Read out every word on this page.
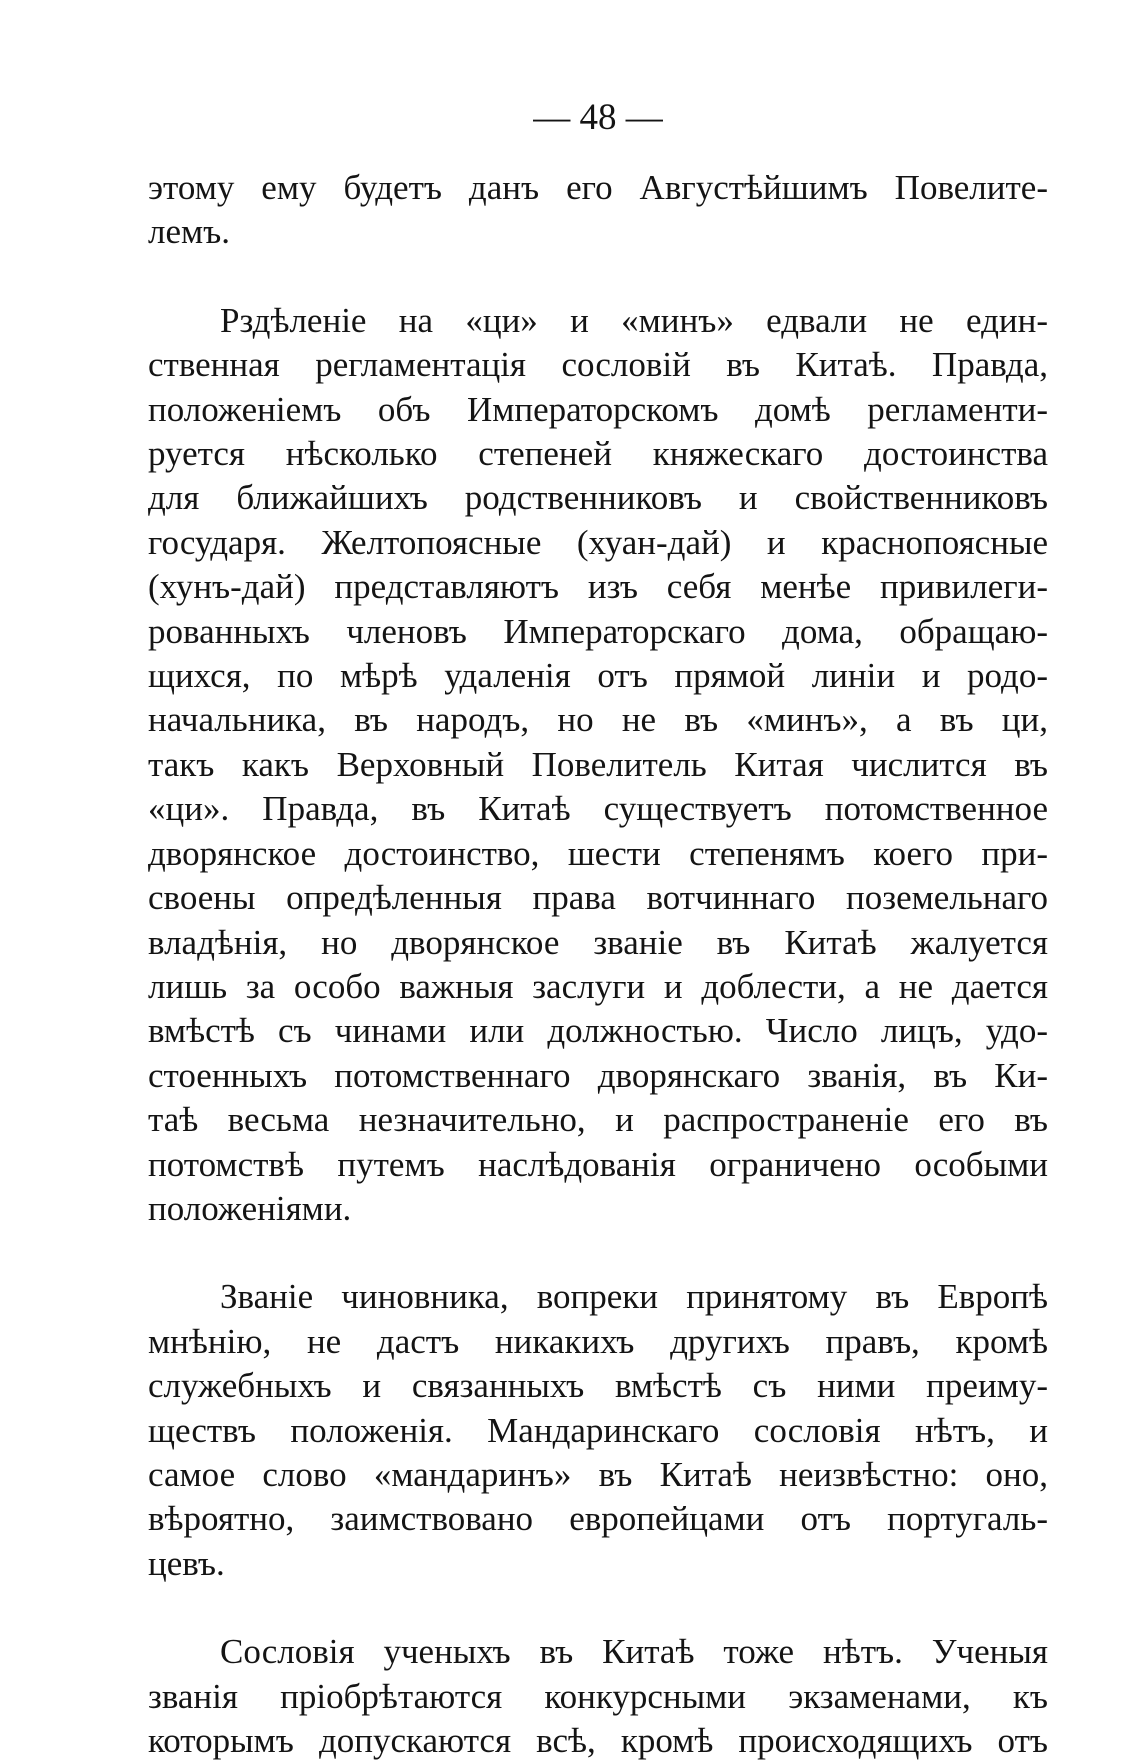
— 48 —

этому ему будетъ данъ его Августѣйшимъ Повелите-
лемъ.

Рздѣленіе на «ци» и «минъ» едвали не един-
ственная регламентація сословій въ Китаѣ. Правда,
положеніемъ объ Императорскомъ домѣ регламенти-
руется нѣсколько степеней княжескаго достоинства
для ближайшихъ родственниковъ и свойственниковъ
государя. Желтопоясные (хуан-дай) и краснопоясные
(хунъ-дай) представляютъ изъ себя менѣе привилеги-
рованныхъ членовъ Императорскаго дома, обращаю-
щихся, по мѣрѣ удаленія отъ прямой линіи и родо-
начальника, въ народъ, но не въ «минъ», а въ ци,
такъ какъ Верховный Повелитель Китая числится въ
«ци». Правда, въ Китаѣ существуетъ потомственное
дворянское достоинство, шести степенямъ коего при-
своены опредѣленныя права вотчиннаго поземельнаго
владѣнія, но дворянское званіе въ Китаѣ жалуется
лишь за особо важныя заслуги и доблести, а не дается
вмѣстѣ съ чинами или должностью. Число лицъ, удо-
стоенныхъ потомственнаго дворянскаго званія, въ Ки-
таѣ весьма незначительно, и распространеніе его въ
потомствѣ путемъ наслѣдованія ограничено особыми
положеніями.

Званіе чиновника, вопреки принятому въ Европѣ
мнѣнію, не дастъ никакихъ другихъ правъ, кромѣ
служебныхъ и связанныхъ вмѣстѣ съ ними преиму-
ществъ положенія. Мандаринскаго сословія нѣтъ, и
самое слово «мандаринъ» въ Китаѣ неизвѣстно: оно,
вѣроятно, заимствовано европейцами отъ португаль-
цевъ.

Сословія ученыхъ въ Китаѣ тоже нѣтъ. Ученыя
званія пріобрѣтаются конкурсными экзаменами, къ
которымъ допускаются всѣ, кромѣ происходящихъ отъ
